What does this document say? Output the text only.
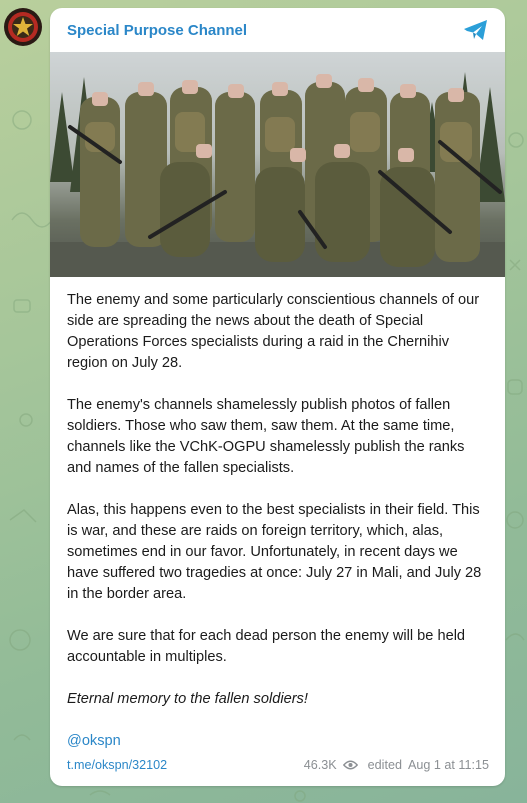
Special Purpose Channel

The enemy and some particularly conscientious channels of our side are spreading the news about the death of Special Operations Forces specialists during a raid in the Chernihiv region on July 28.

The enemy's channels shamelessly publish photos of fallen soldiers. Those who saw them, saw them. At the same time, channels like the VChK-OGPU shamelessly publish the ranks and names of the fallen specialists.

Alas, this happens even to the best specialists in their field. This is war, and these are raids on foreign territory, which, alas, sometimes end in our favor. Unfortunately, in recent days we have suffered two tragedies at once: July 27 in Mali, and July 28 in the border area.

We are sure that for each dead person the enemy will be held accountable in multiples.

Eternal memory to the fallen soldiers!

@okspn

t.me/okspn/32102	46.3K edited Aug 1 at 11:15
